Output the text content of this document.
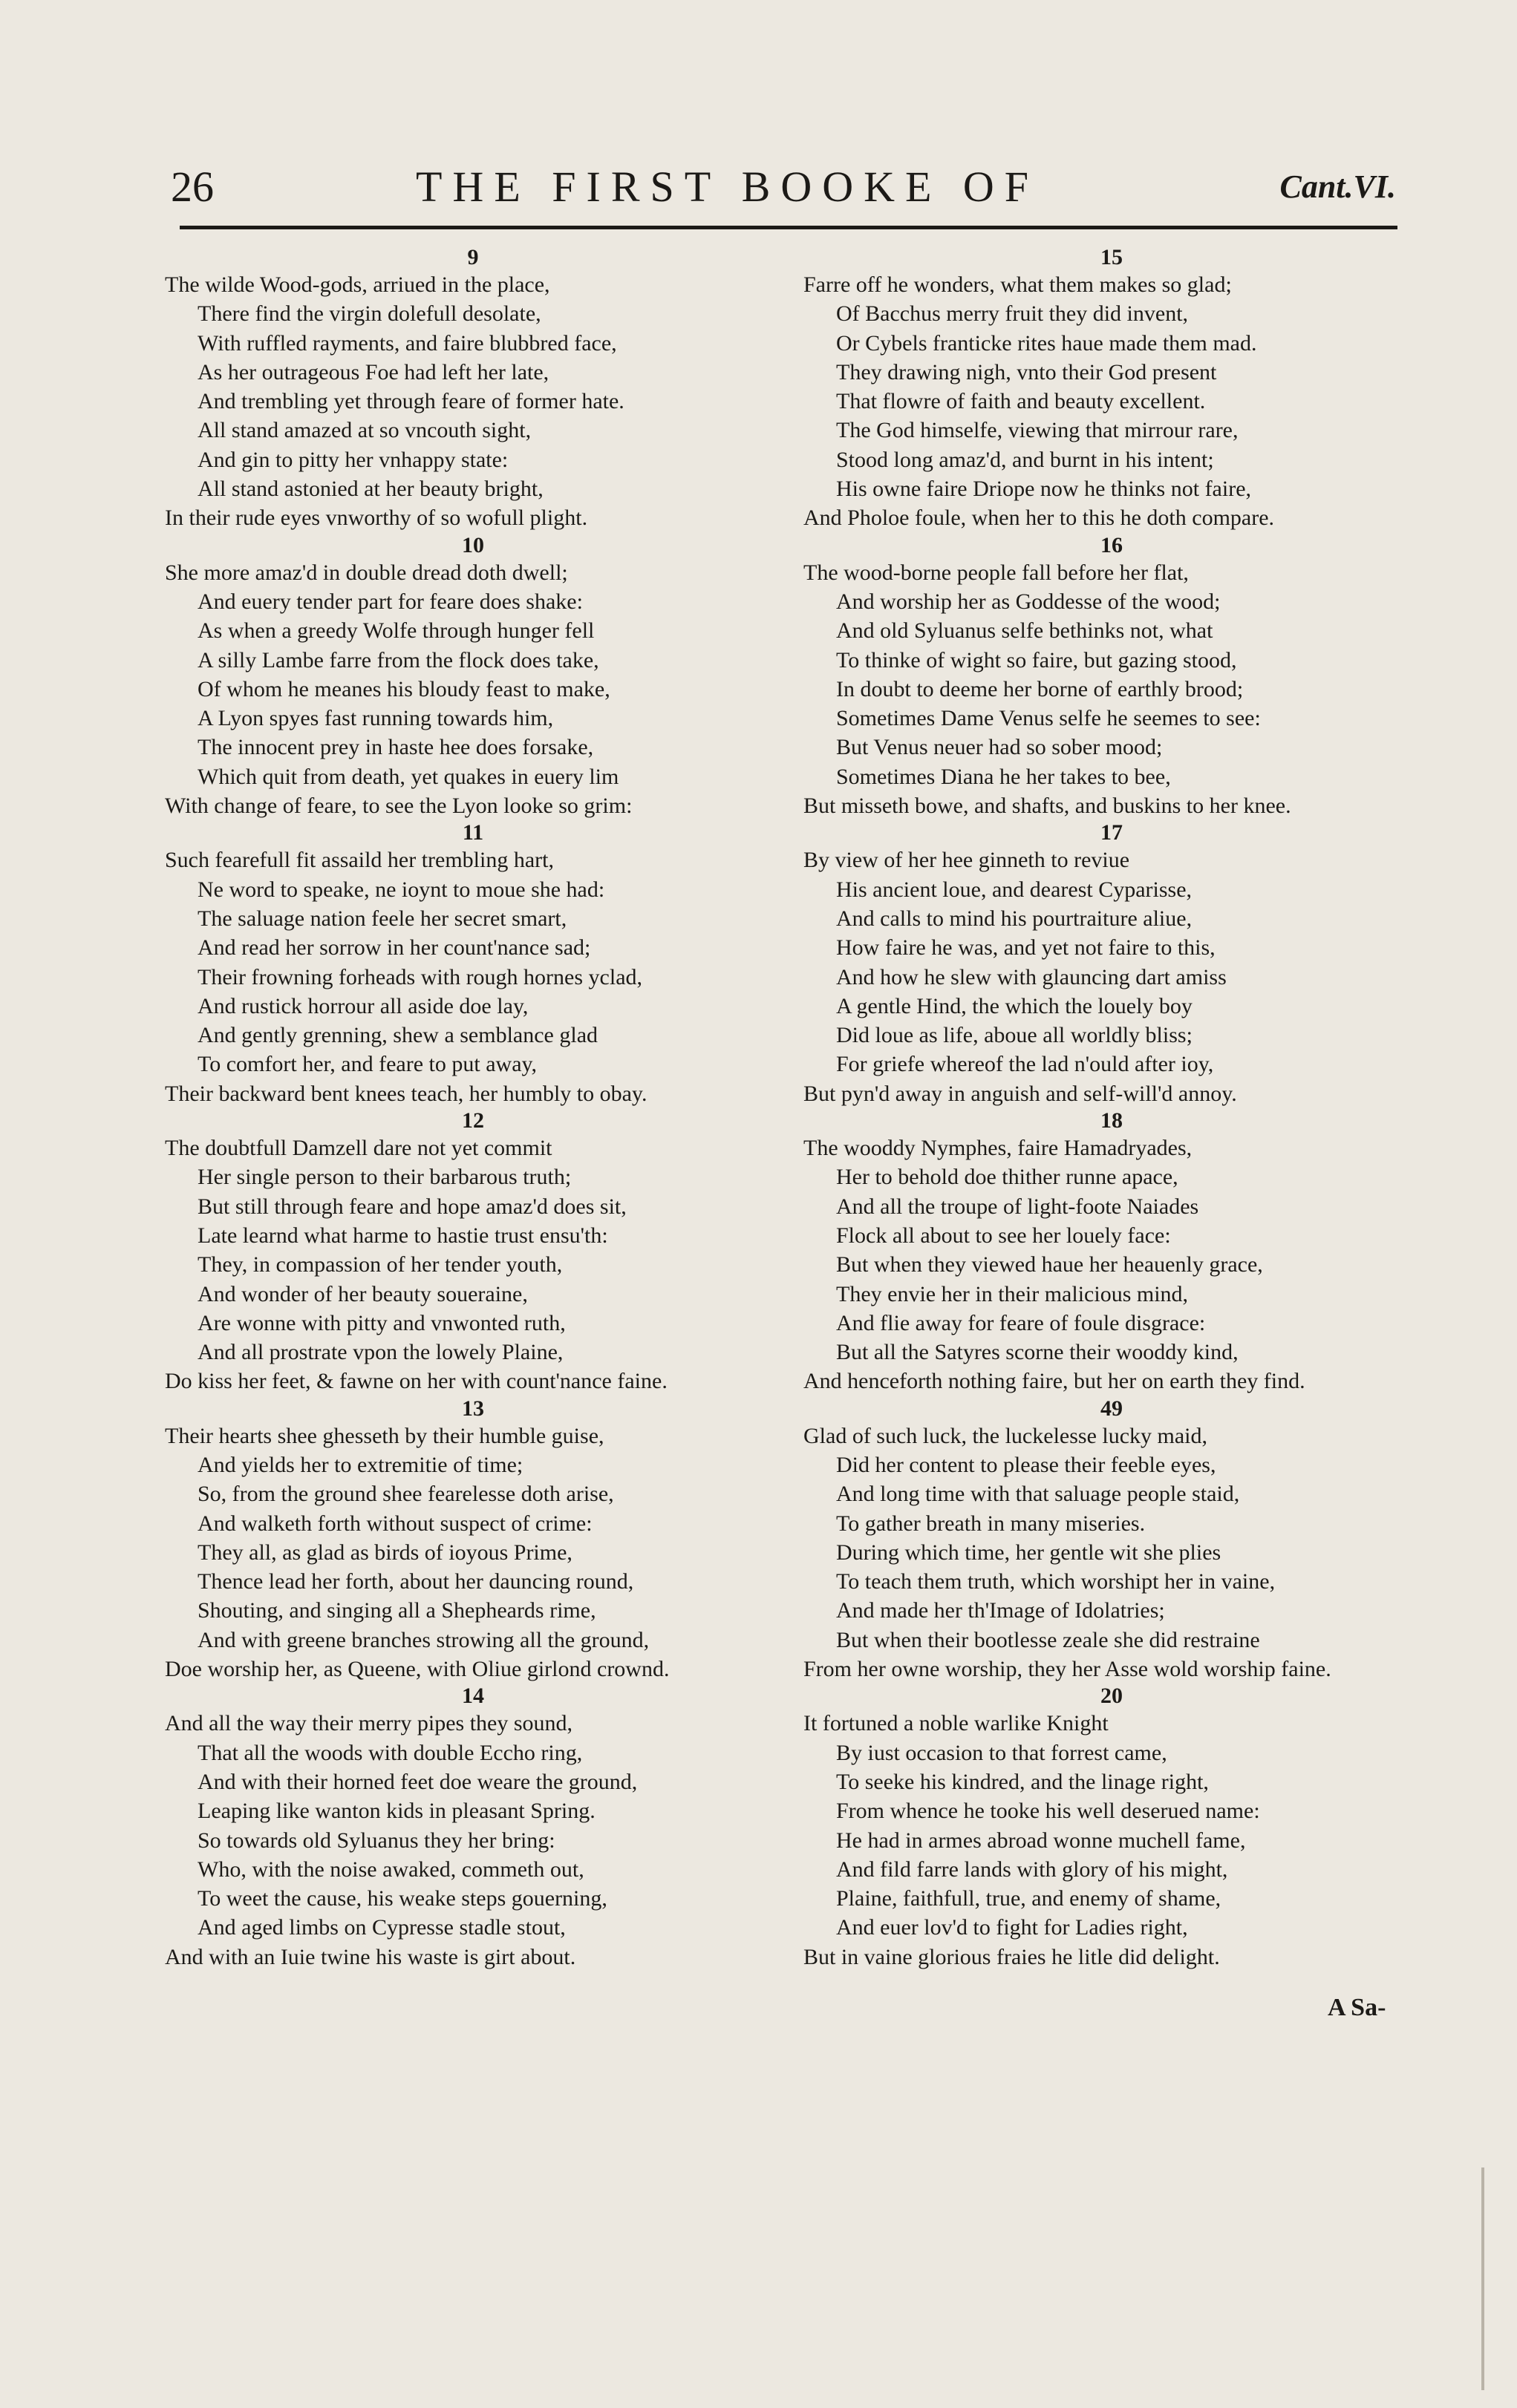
26	THE FIRST BOOKE OF	Cant.VI.
9
The wilde Wood-gods, arriued in the place,
There find the virgin dolefull desolate,
With ruffled rayments, and faire blubbred face,
As her outrageous Foe had left her late,
And trembling yet through feare of former hate.
All stand amazed at so vncouth sight,
And gin to pitty her vnhappy state:
All stand astonied at her beauty bright,
In their rude eyes vnworthy of so wofull plight.
10
She more amaz'd in double dread doth dwell;
And euery tender part for feare does shake:
As when a greedy Wolfe through hunger fell
A silly Lambe farre from the flock does take,
Of whom he meanes his bloudy feast to make,
A Lyon spyes fast running towards him,
The innocent prey in haste hee does forsake,
Which quit from death, yet quakes in euery lim
With change of feare, to see the Lyon looke so grim:
11
Such fearefull fit assaild her trembling hart,
Ne word to speake, ne ioynt to moue she had:
The saluage nation feele her secret smart,
And read her sorrow in her count'nance sad;
Their frowning forheads with rough hornes yclad,
And rustick horrour all aside doe lay,
And gently grenning, shew a semblance glad
To comfort her, and feare to put away,
Their backward bent knees teach, her humbly to obay.
12
The doubtfull Damzell dare not yet commit
Her single person to their barbarous truth;
But still through feare and hope amaz'd does sit,
Late learnd what harme to hastie trust ensu'th:
They, in compassion of her tender youth,
And wonder of her beauty soueraine,
Are wonne with pitty and vnwonted ruth,
And all prostrate vpon the lowely Plaine,
Do kiss her feet, & fawne on her with count'nance faine.
13
Their hearts shee ghesseth by their humble guise,
And yields her to extremitie of time;
So, from the ground shee fearelesse doth arise,
And walketh forth without suspect of crime:
They all, as glad as birds of ioyous Prime,
Thence lead her forth, about her dauncing round,
Shouting, and singing all a Shepheards rime,
And with greene branches strowing all the ground,
Doe worship her, as Queene, with Oliue girlond crownd.
14
And all the way their merry pipes they sound,
That all the woods with double Eccho ring,
And with their horned feet doe weare the ground,
Leaping like wanton kids in pleasant Spring.
So towards old Syluanus they her bring:
Who, with the noise awaked, commeth out,
To weet the cause, his weake steps gouerning,
And aged limbs on Cypresse stadle stout,
And with an Iuie twine his waste is girt about.
15
Farre off he wonders, what them makes so glad;
Of Bacchus merry fruit they did invent,
Or Cybels franticke rites haue made them mad.
They drawing nigh, vnto their God present
That flowre of faith and beauty excellent.
The God himselfe, viewing that mirrour rare,
Stood long amaz'd, and burnt in his intent;
His owne faire Driope now he thinks not faire,
And Pholoe foule, when her to this he doth compare.
16
The wood-borne people fall before her flat,
And worship her as Goddesse of the wood;
And old Syluanus selfe bethinks not, what
To thinke of wight so faire, but gazing stood,
In doubt to deeme her borne of earthly brood;
Sometimes Dame Venus selfe he seemes to see:
But Venus neuer had so sober mood;
Sometimes Diana he her takes to bee,
But misseth bowe, and shafts, and buskins to her knee.
17
By view of her hee ginneth to reviue
His ancient loue, and dearest Cyparisse,
And calls to mind his pourtraiture aliue,
How faire he was, and yet not faire to this,
And how he slew with glauncing dart amiss
A gentle Hind, the which the louely boy
Did loue as life, aboue all worldly bliss;
For griefe whereof the lad n'ould after ioy,
But pyn'd away in anguish and self-will'd annoy.
18
The wooddy Nymphes, faire Hamadryades,
Her to behold doe thither runne apace,
And all the troupe of light-foote Naiades
Flock all about to see her louely face:
But when they viewed haue her heauenly grace,
They envie her in their malicious mind,
And flie away for feare of foule disgrace:
But all the Satyres scorne their wooddy kind,
And henceforth nothing faire, but her on earth they find.
49
Glad of such luck, the luckelesse lucky maid,
Did her content to please their feeble eyes,
And long time with that saluage people staid,
To gather breath in many miseries.
During which time, her gentle wit she plies
To teach them truth, which worshipt her in vaine,
And made her th'Image of Idolatries;
But when their bootlesse zeale she did restraine
From her owne worship, they her Asse wold worship faine.
20
It fortuned a noble warlike Knight
By iust occasion to that forrest came,
To seeke his kindred, and the linage right,
From whence he tooke his well deserued name:
He had in armes abroad wonne muchell fame,
And fild farre lands with glory of his might,
Plaine, faithfull, true, and enemy of shame,
And euer lov'd to fight for Ladies right,
But in vaine glorious fraies he litle did delight.
A Sa-
